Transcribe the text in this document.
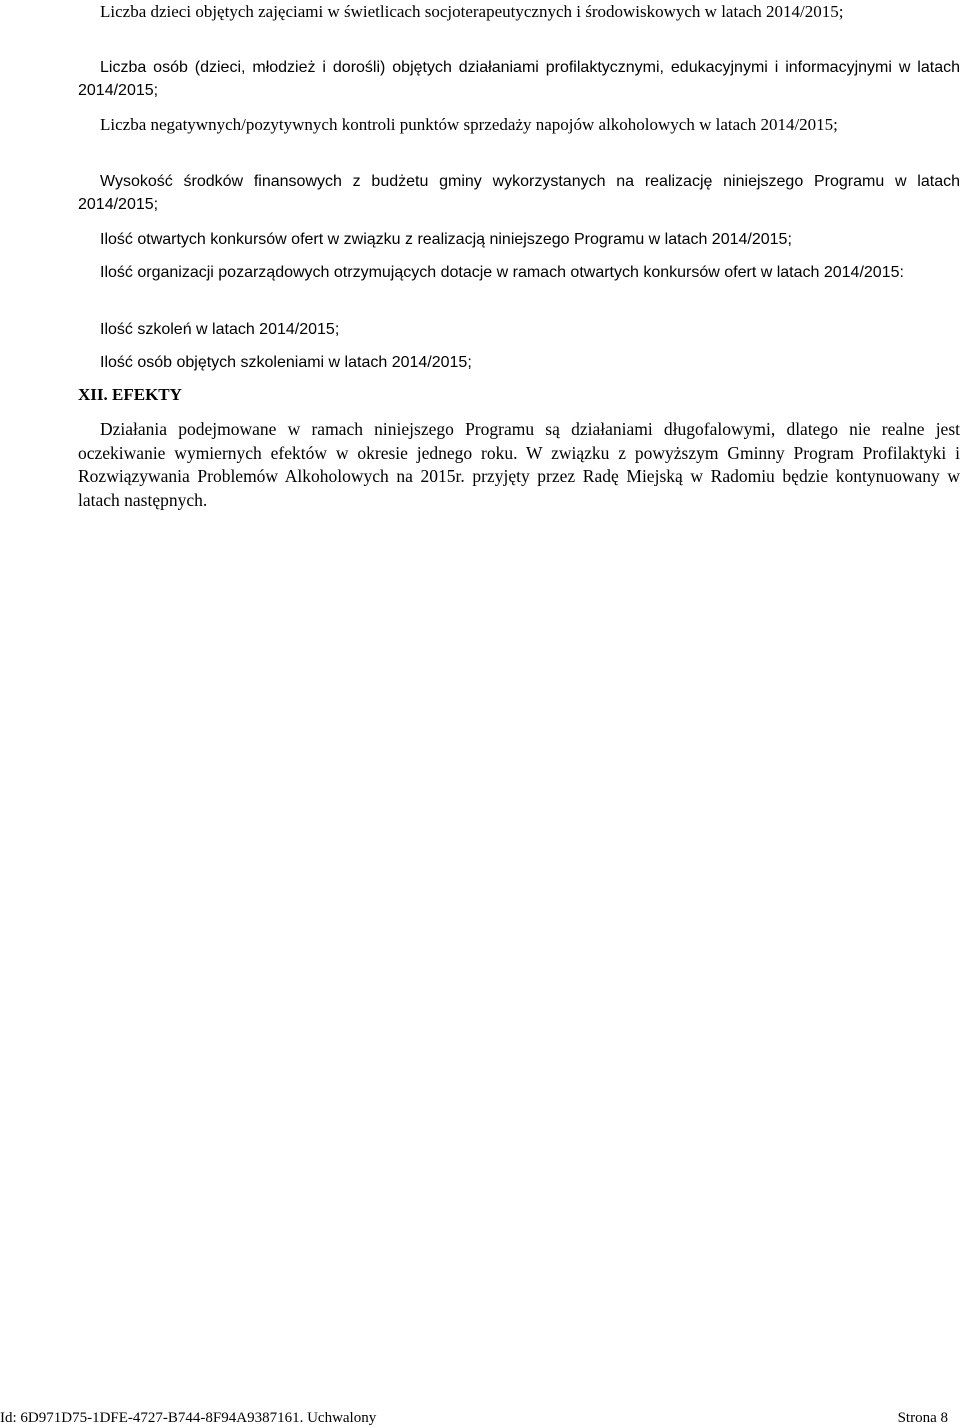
Liczba dzieci objętych zajęciami w świetlicach socjoterapeutycznych i środowiskowych w latach 2014/2015;

Liczba osób (dzieci, młodzież i dorośli) objętych działaniami profilaktycznymi, edukacyjnymi i informacyjnymi w latach 2014/2015;

Liczba negatywnych/pozytywnych kontroli punktów sprzedaży napojów alkoholowych w latach 2014/2015;

Wysokość środków finansowych z budżetu gminy wykorzystanych na realizację niniejszego Programu w latach 2014/2015;

Ilość otwartych konkursów ofert w związku z realizacją niniejszego Programu w latach 2014/2015;

Ilość organizacji pozarządowych otrzymujących dotacje w ramach otwartych konkursów ofert w latach 2014/2015:

Ilość szkoleń w latach 2014/2015;

Ilość osób objętych szkoleniami w latach 2014/2015;

XII. EFEKTY

Działania podejmowane w ramach niniejszego Programu są działaniami długofalowymi, dlatego nie realne jest oczekiwanie wymiernych efektów w okresie jednego roku. W związku z powyższym Gminny Program Profilaktyki i Rozwiązywania Problemów Alkoholowych na 2015r. przyjęty przez Radę Miejską w Radomiu będzie kontynuowany w latach następnych.

Id: 6D971D75-1DFE-4727-B744-8F94A9387161. Uchwalony	Strona 8
